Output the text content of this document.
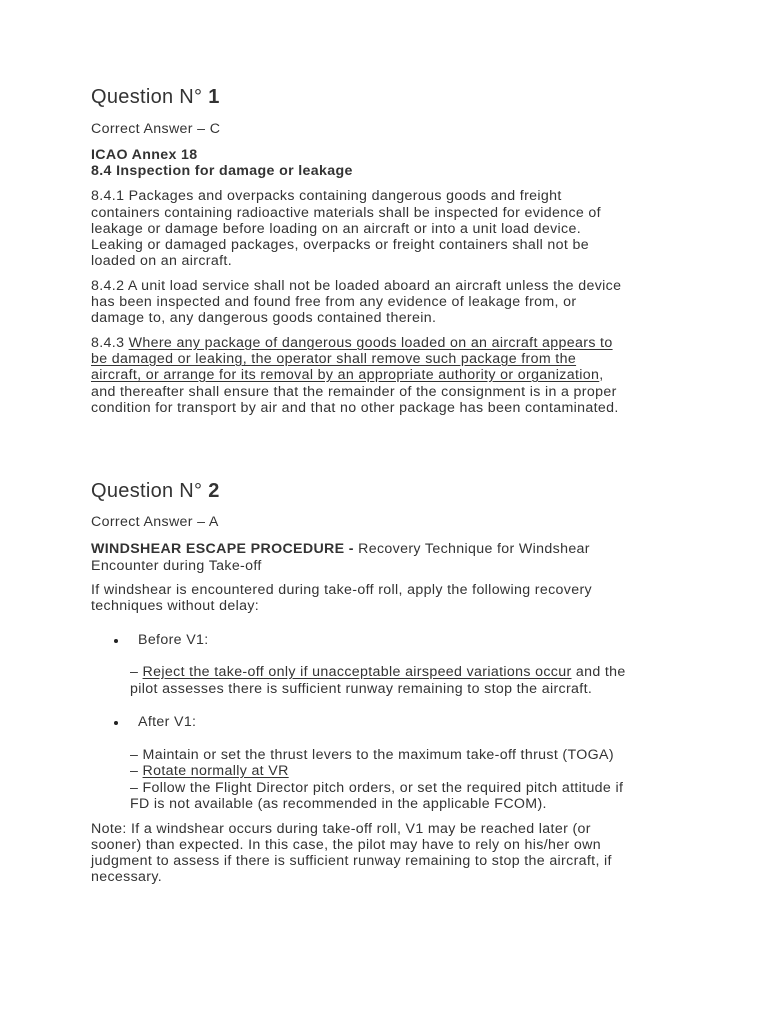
Question N° 1
Correct Answer – C
ICAO Annex 18
8.4 Inspection for damage or leakage
8.4.1 Packages and overpacks containing dangerous goods and freight
containers containing radioactive materials shall be inspected for evidence of
leakage or damage before loading on an aircraft or into a unit load device.
Leaking or damaged packages, overpacks or freight containers shall not be
loaded on an aircraft.
8.4.2 A unit load service shall not be loaded aboard an aircraft unless the device
has been inspected and found free from any evidence of leakage from, or
damage to, any dangerous goods contained therein.
8.4.3 Where any package of dangerous goods loaded on an aircraft appears to
be damaged or leaking, the operator shall remove such package from the
aircraft, or arrange for its removal by an appropriate authority or organization,
and thereafter shall ensure that the remainder of the consignment is in a proper
condition for transport by air and that no other package has been contaminated.
Question N° 2
Correct Answer – A
WINDSHEAR ESCAPE PROCEDURE - Recovery Technique for Windshear
Encounter during Take-off
If windshear is encountered during take-off roll, apply the following recovery
techniques without delay:
Before V1:
– Reject the take-off only if unacceptable airspeed variations occur and the
pilot assesses there is sufficient runway remaining to stop the aircraft.
After V1:
– Maintain or set the thrust levers to the maximum take-off thrust (TOGA)
– Rotate normally at VR
– Follow the Flight Director pitch orders, or set the required pitch attitude if
FD is not available (as recommended in the applicable FCOM).
Note: If a windshear occurs during take-off roll, V1 may be reached later (or
sooner) than expected. In this case, the pilot may have to rely on his/her own
judgment to assess if there is sufficient runway remaining to stop the aircraft, if
necessary.
